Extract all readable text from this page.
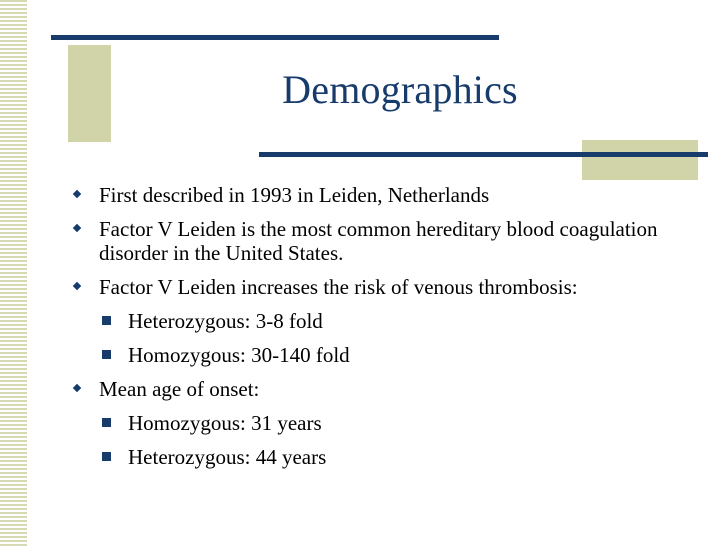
Demographics
First described in 1993 in Leiden, Netherlands
Factor V Leiden is the most common hereditary blood coagulation disorder in the United States.
Factor V Leiden increases the risk of venous thrombosis:
Heterozygous: 3-8 fold
Homozygous: 30-140 fold
Mean age of onset:
Homozygous: 31 years
Heterozygous: 44 years
